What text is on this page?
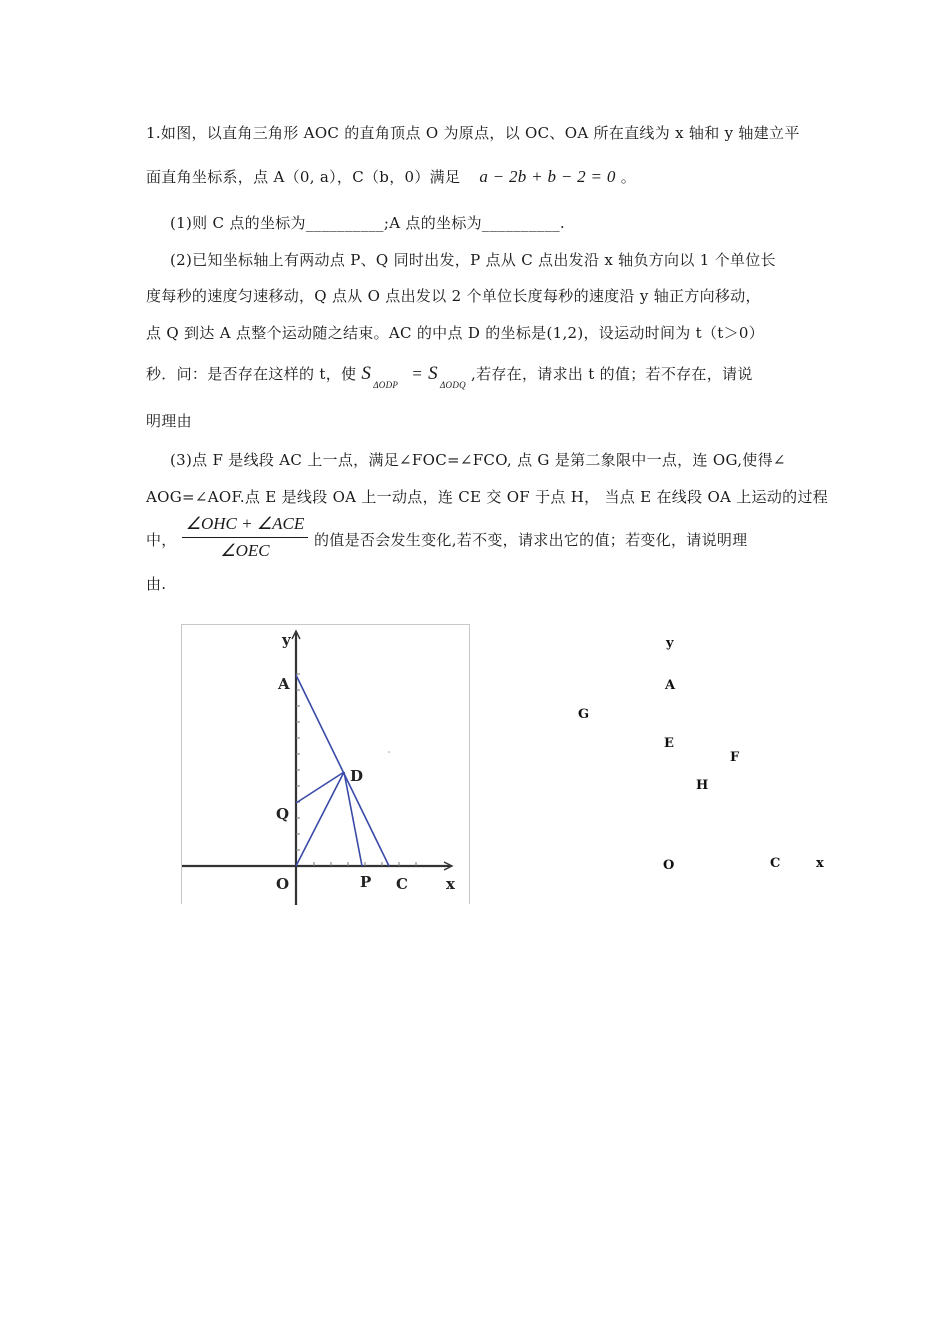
1.如图，以直角三角形 AOC 的直角顶点 O 为原点，以 OC、OA 所在直线为 x 轴和 y 轴建立平
面直角坐标系，点 A（0, a），C（b，0）满足 a − 2b + b − 2 = 0 。
(1)则 C 点的坐标为__________;A 点的坐标为__________.
(2)已知坐标轴上有两动点 P、Q 同时出发，P 点从 C 点出发沿 x 轴负方向以 1 个单位长
度每秒的速度匀速移动，Q 点从 O 点出发以 2 个单位长度每秒的速度沿 y 轴正方向移动，
点 Q 到达 A 点整个运动随之结束。AC 的中点 D 的坐标是(1,2)，设运动时间为 t（t＞0）
秒．问：是否存在这样的 t，使 $S_{\Delta ODP} = S_{\Delta ODQ}$ ,若存在，请求出 t 的值；若不存在，请说
明理由
(3)点 F 是线段 AC 上一点，满足∠FOC=∠FCO, 点 G 是第二象限中一点，连 OG,使得∠
AOG=∠AOF.点 E 是线段 OA 上一动点，连 CE 交 OF 于点 H， 当点 E 在线段 OA 上运动的过程
中，
∠OHC + ∠ACE
∠OEC
的值是否会发生变化,若不变，请求出它的值；若变化，请说明理
由.
y
A
D
Q
O	P C	x
y
A
G
E
F
H
O	C	x
